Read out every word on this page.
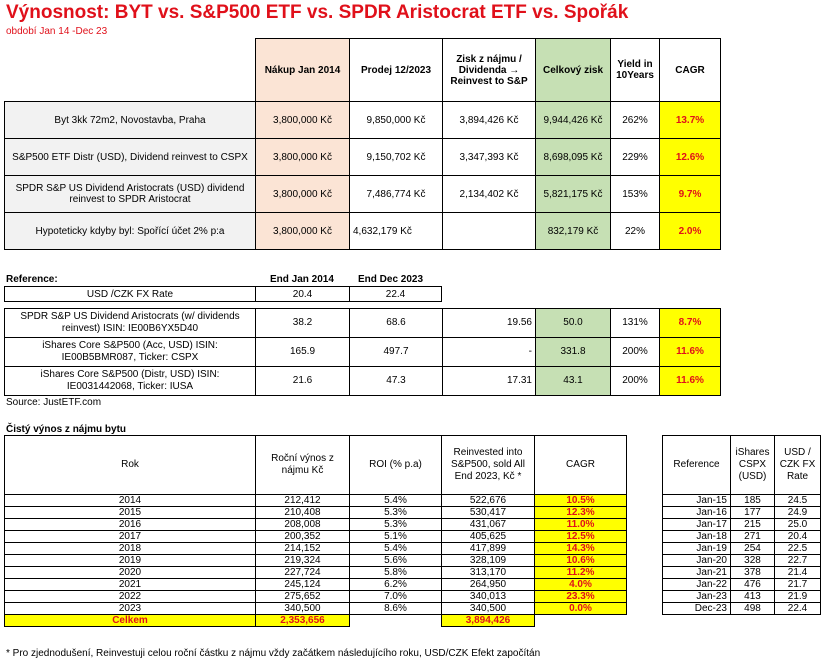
Výnosnost: BYT vs. S&P500 ETF vs. SPDR Aristocrat ETF vs. Spořák
období Jan 14 -Dec 23
	Nákup Jan 2014	Prodej 12/2023	Zisk z nájmu / Dividenda → Reinvest to S&P	Celkový zisk	Yield in 10Years	CAGR
Byt 3kk 72m2, Novostavba, Praha	3,800,000 Kč	9,850,000 Kč	3,894,426 Kč	9,944,426 Kč	262%	13.7%
S&P500 ETF Distr (USD), Dividend reinvest to CSPX	3,800,000 Kč	9,150,702 Kč	3,347,393 Kč	8,698,095 Kč	229%	12.6%
SPDR S&P US Dividend Aristocrats (USD) dividend reinvest to SPDR Aristocrat	3,800,000 Kč	7,486,774 Kč	2,134,402 Kč	5,821,175 Kč	153%	9.7%
Hypoteticky kdyby byl: Spořící účet 2% p:a	3,800,000 Kč	4,632,179 Kč		832,179 Kč	22%	2.0%
Reference:	End Jan 2014 End Dec 2023
USD /CZK FX Rate	20.4	22.4
SPDR S&P US Dividend Aristocrats (w/ dividends reinvest) ISIN: IE00B6YX5D40	38.2	68.6	19.56	50.0	131%	8.7%
iShares Core S&P500 (Acc, USD) ISIN: IE00B5BMR087, Ticker: CSPX	165.9	497.7	-	331.8	200%	11.6%
iShares Core S&P500 (Distr, USD) ISIN: IE0031442068, Ticker: IUSA	21.6	47.3	17.31	43.1	200%	11.6%
Source: JustETF.com
Čistý výnos z nájmu bytu
Rok	Roční výnos z nájmu Kč	ROI (% p.a)	Reinvested into S&P500, sold All End 2023, Kč *	CAGR
2014	212,412	5.4%	522,676	10.5%
2015	210,408	5.3%	530,417	12.3%
2016	208,008	5.3%	431,067	11.0%
2017	200,352	5.1%	405,625	12.5%
2018	214,152	5.4%	417,899	14.3%
2019	219,324	5.6%	328,109	10.6%
2020	227,724	5.8%	313,170	11.2%
2021	245,124	6.2%	264,950	4.0%
2022	275,652	7.0%	340,013	23.3%
2023	340,500	8.6%	340,500	0.0%
Celkem	2,353,656		3,894,426	
Reference	iShares CSPX (USD)	USD / CZK FX Rate
Jan-15	185	24.5
Jan-16	177	24.9
Jan-17	215	25.0
Jan-18	271	20.4
Jan-19	254	22.5
Jan-20	328	22.7
Jan-21	378	21.4
Jan-22	476	21.7
Jan-23	413	21.9
Dec-23	498	22.4
* Pro zjednodušení, Reinvestuji celou roční částku z nájmu vždy začátkem následujícího roku, USD/CZK Efekt započítán
